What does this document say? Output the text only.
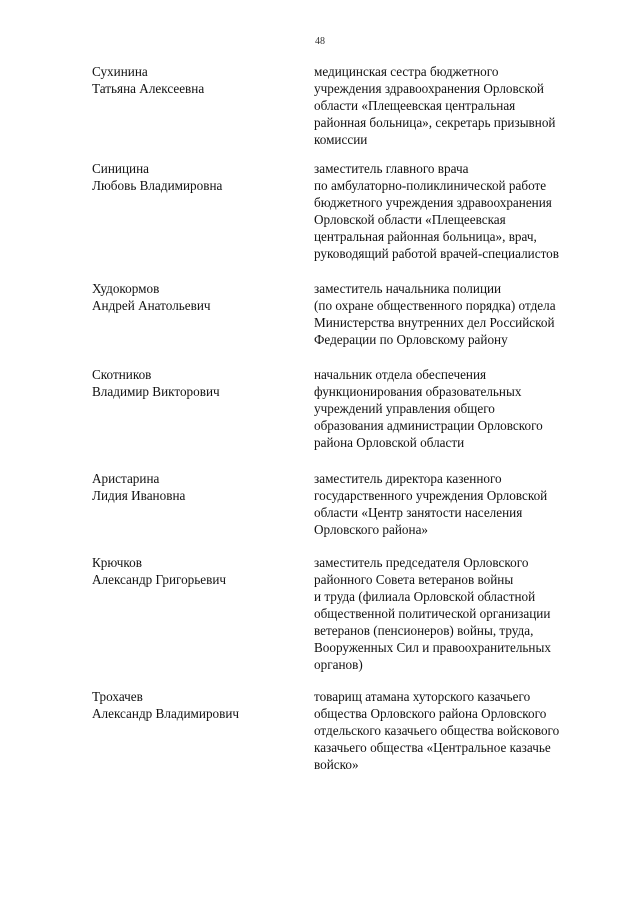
48

Сухинина
Татьяна Алексеевна

медицинская сестра бюджетного
учреждения здравоохранения Орловской
области «Плещеевская центральная
районная больница», секретарь призывной
комиссии

Синицина
Любовь Владимировна

заместитель главного врача
по амбулаторно-поликлинической работе
бюджетного учреждения здравоохранения
Орловской области «Плещеевская
центральная районная больница», врач,
руководящий работой врачей-специалистов

Худокормов
Андрей Анатольевич

заместитель начальника полиции
(по охране общественного порядка) отдела
Министерства внутренних дел Российской
Федерации по Орловскому району

Скотников
Владимир Викторович

начальник отдела обеспечения
функционирования образовательных
учреждений управления общего
образования администрации Орловского
района Орловской области

Аристарина
Лидия Ивановна

заместитель директора казенного
государственного учреждения Орловской
области «Центр занятости населения
Орловского района»

Крючков
Александр Григорьевич

заместитель председателя Орловского
районного Совета ветеранов войны
и труда (филиала Орловской областной
общественной политической организации
ветеранов (пенсионеров) войны, труда,
Вооруженных Сил и правоохранительных
органов)

Трохачев
Александр Владимирович

товарищ атамана хуторского казачьего
общества Орловского района Орловского
отдельского казачьего общества войскового
казачьего общества «Центральное казачье
войско»
